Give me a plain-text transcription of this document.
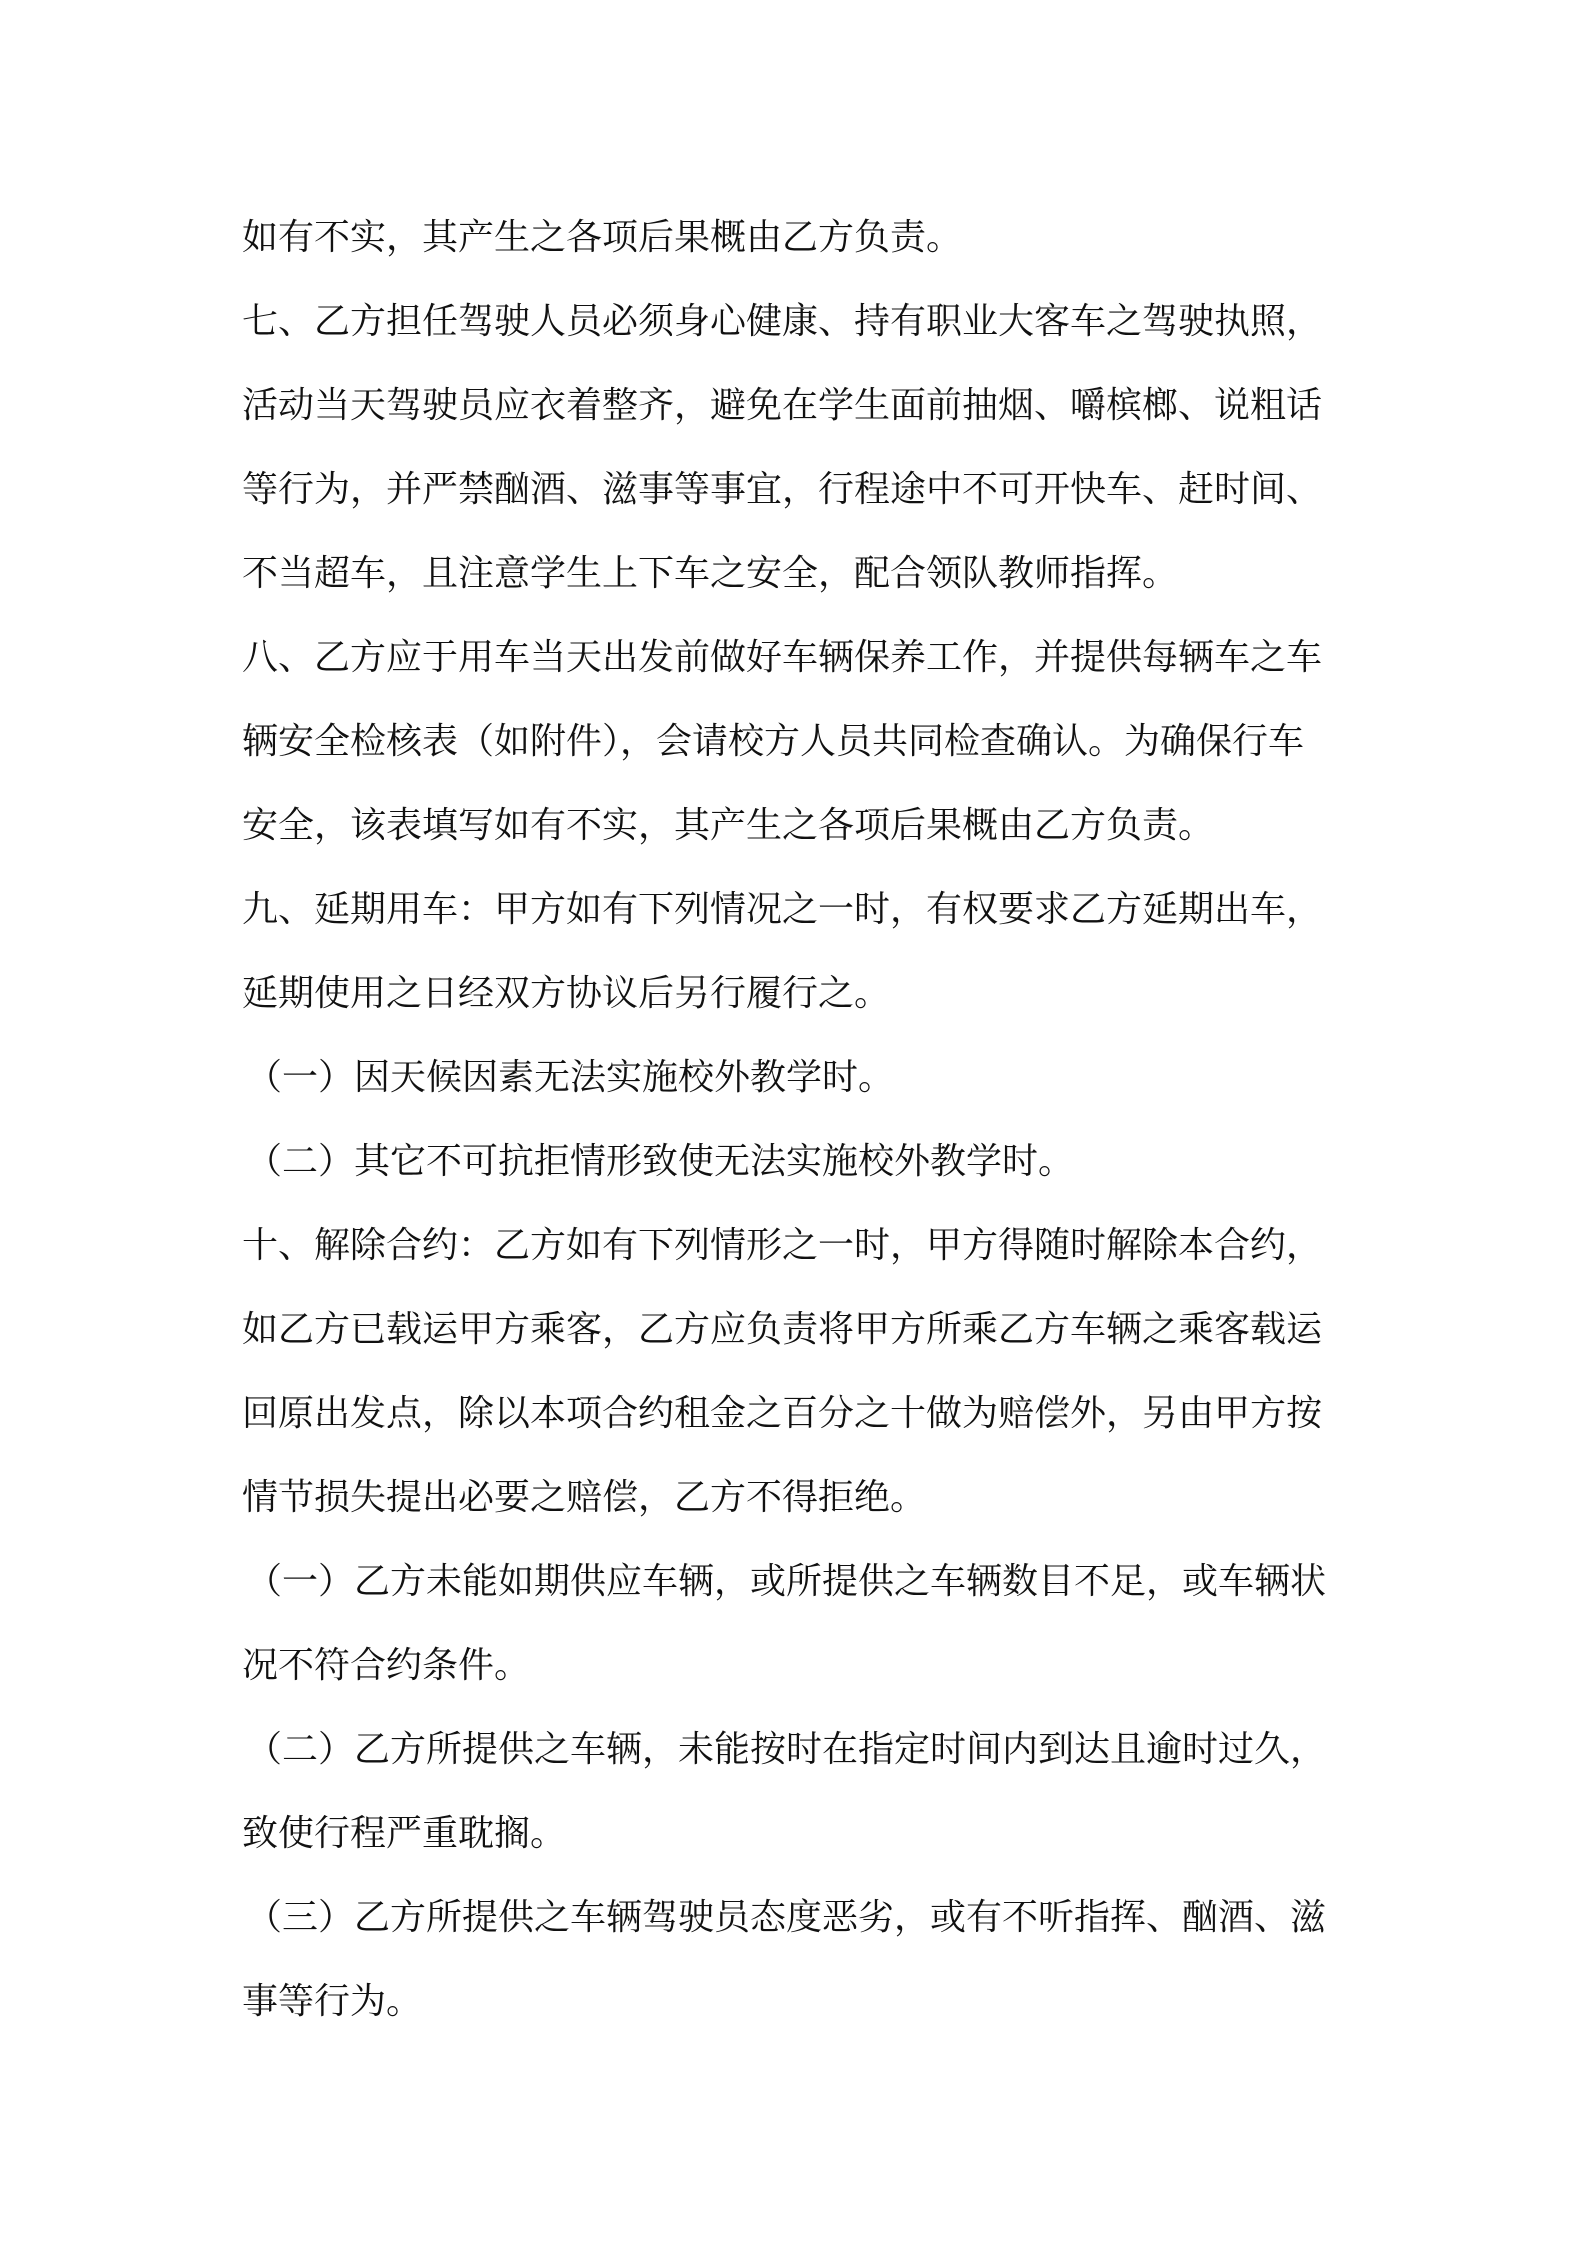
如有不实，其产生之各项后果概由乙方负责。
七、乙方担任驾驶人员必须身心健康、持有职业大客车之驾驶执照，
活动当天驾驶员应衣着整齐，避免在学生面前抽烟、嚼槟榔、说粗话
等行为，并严禁酗酒、滋事等事宜，行程途中不可开快车、赶时间、
不当超车，且注意学生上下车之安全，配合领队教师指挥。
八、乙方应于用车当天出发前做好车辆保养工作，并提供每辆车之车
辆安全检核表（如附件），会请校方人员共同检查确认。为确保行车
安全，该表填写如有不实，其产生之各项后果概由乙方负责。
九、延期用车：甲方如有下列情况之一时，有权要求乙方延期出车，
延期使用之日经双方协议后另行履行之。
（一）因天候因素无法实施校外教学时。
（二）其它不可抗拒情形致使无法实施校外教学时。
十、解除合约：乙方如有下列情形之一时，甲方得随时解除本合约，
如乙方已载运甲方乘客，乙方应负责将甲方所乘乙方车辆之乘客载运
回原出发点，除以本项合约租金之百分之十做为赔偿外，另由甲方按
情节损失提出必要之赔偿，乙方不得拒绝。
（一）乙方未能如期供应车辆，或所提供之车辆数目不足，或车辆状
况不符合约条件。
（二）乙方所提供之车辆，未能按时在指定时间内到达且逾时过久，
致使行程严重耽搁。
（三）乙方所提供之车辆驾驶员态度恶劣，或有不听指挥、酗酒、滋
事等行为。
